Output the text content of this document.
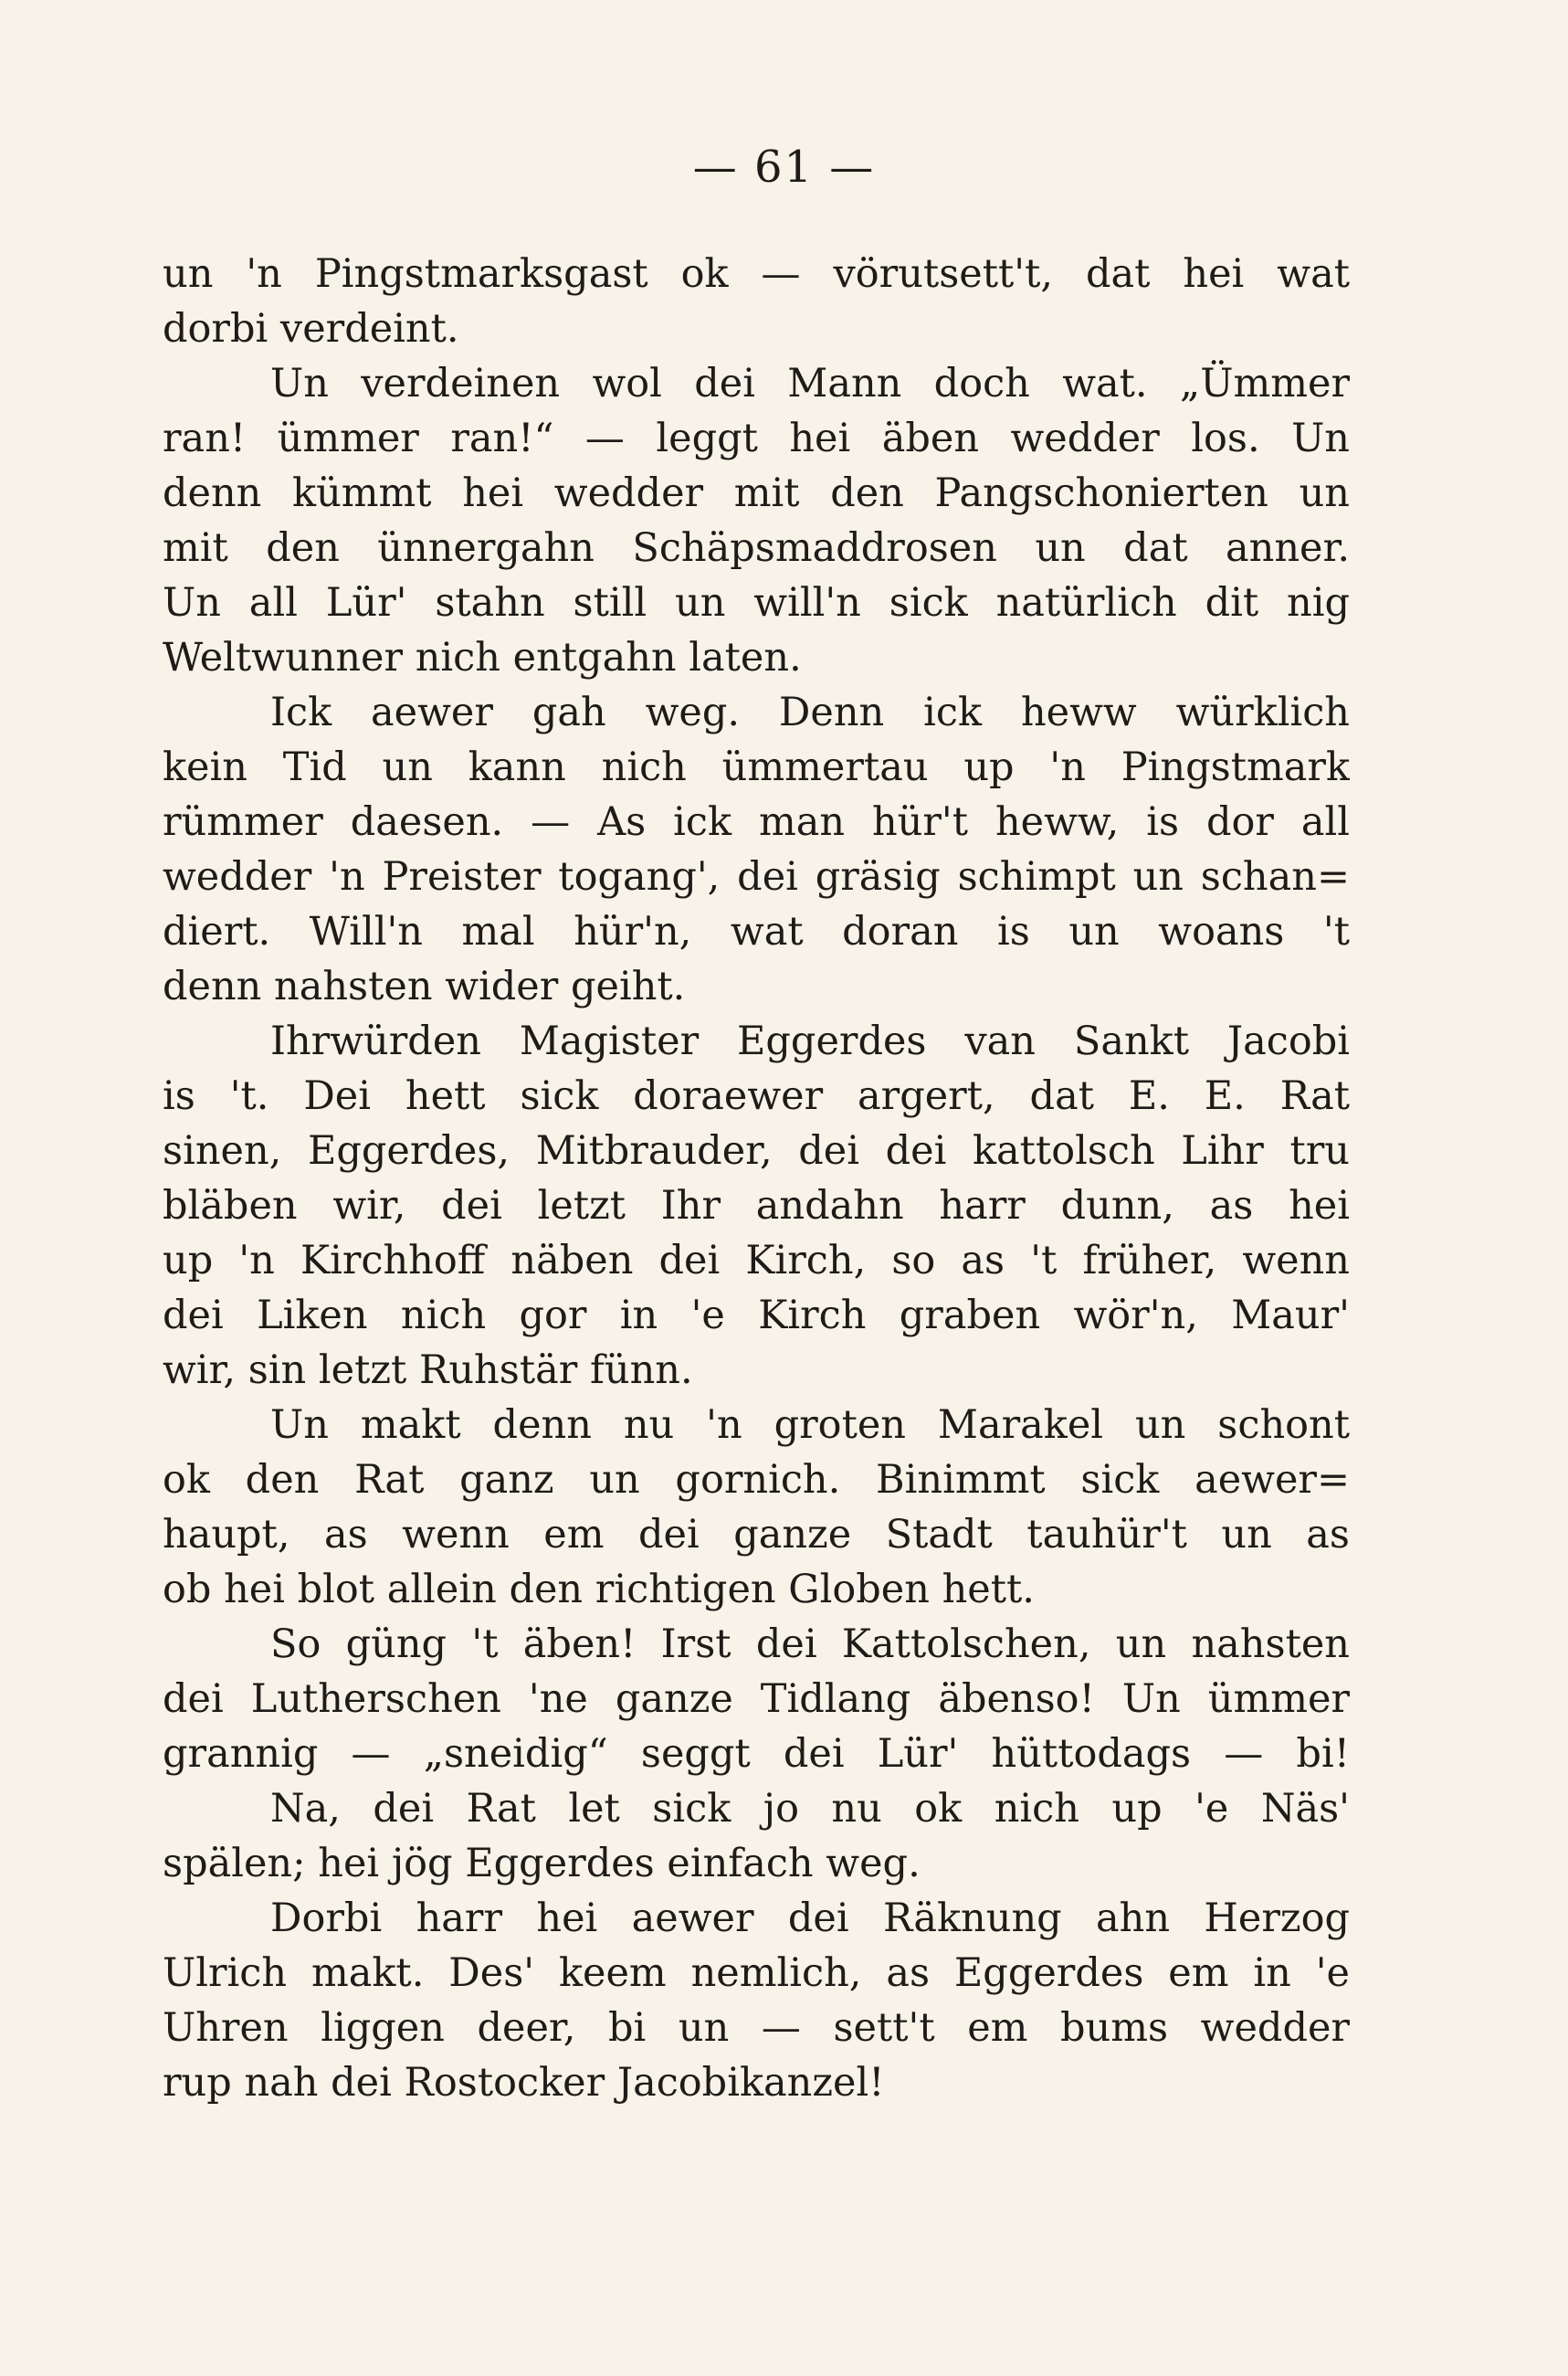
— 61 —
un 'n Pingstmarksgast ok — vörutsett't, dat hei wat
dorbi verdeint.
Un verdeinen wol dei Mann doch wat. „Ümmer
ran! ümmer ran!“ — leggt hei äben wedder los. Un
denn kümmt hei wedder mit den Pangschonierten un
mit den ünnergahn Schäpsmaddrosen un dat anner.
Un all Lür' stahn still un will'n sick natürlich dit nig
Weltwunner nich entgahn laten.
Ick aewer gah weg. Denn ick heww würklich
kein Tid un kann nich ümmertau up 'n Pingstmark
rümmer daesen. — As ick man hür't heww, is dor all
wedder 'n Preister togang', dei gräsig schimpt un schan=
diert. Will'n mal hür'n, wat doran is un woans 't
denn nahsten wider geiht.
Ihrwürden Magister Eggerdes van Sankt Jacobi
is 't. Dei hett sick doraewer argert, dat E. E. Rat
sinen, Eggerdes, Mitbrauder, dei dei kattolsch Lihr tru
bläben wir, dei letzt Ihr andahn harr dunn, as hei
up 'n Kirchhoff näben dei Kirch, so as 't früher, wenn
dei Liken nich gor in 'e Kirch graben wör'n, Maur'
wir, sin letzt Ruhstär fünn.
Un makt denn nu 'n groten Marakel un schont
ok den Rat ganz un gornich. Binimmt sick aewer=
haupt, as wenn em dei ganze Stadt tauhür't un as
ob hei blot allein den richtigen Globen hett.
So güng 't äben! Irst dei Kattolschen, un nahsten
dei Lutherschen 'ne ganze Tidlang äbenso! Un ümmer
grannig — „sneidig“ seggt dei Lür' hüttodags — bi!
Na, dei Rat let sick jo nu ok nich up 'e Näs'
spälen; hei jög Eggerdes einfach weg.
Dorbi harr hei aewer dei Räknung ahn Herzog
Ulrich makt. Des' keem nemlich, as Eggerdes em in 'e
Uhren liggen deer, bi un — sett't em bums wedder
rup nah dei Rostocker Jacobikanzel!
